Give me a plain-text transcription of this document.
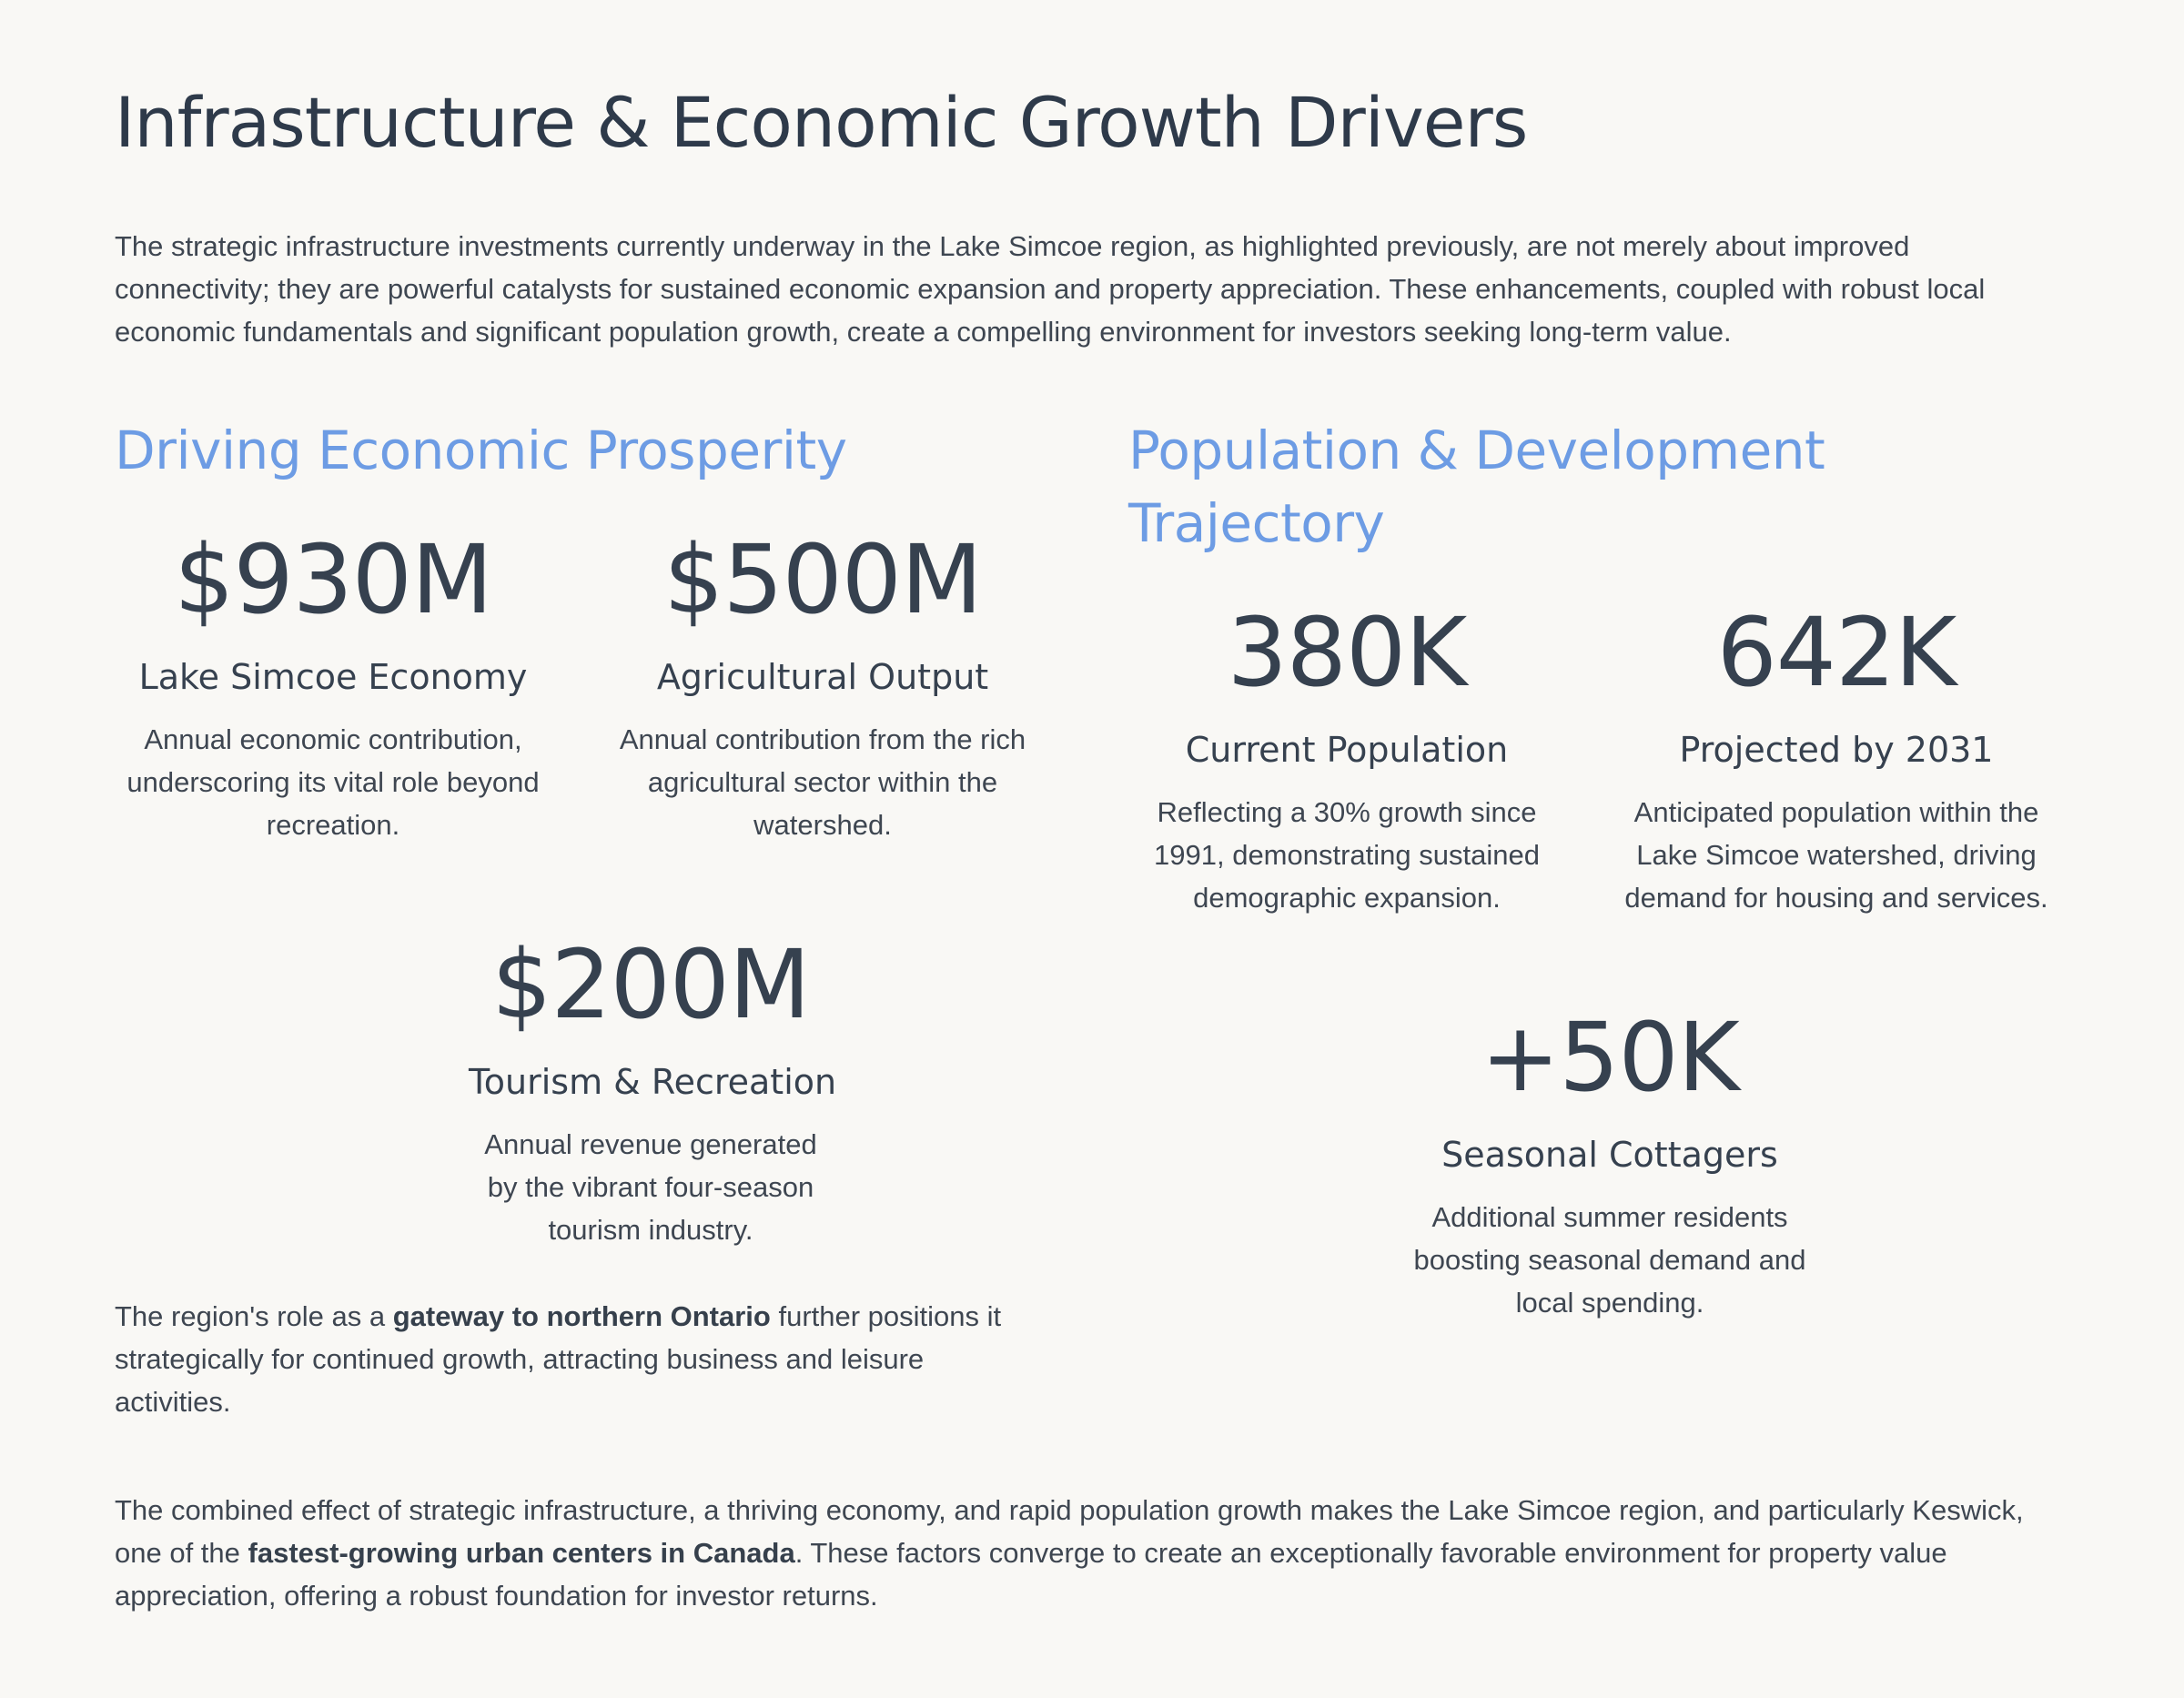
Infrastructure & Economic Growth Drivers

The strategic infrastructure investments currently underway in the Lake Simcoe region, as highlighted previously, are not merely about improved connectivity; they are powerful catalysts for sustained economic expansion and property appreciation. These enhancements, coupled with robust local economic fundamentals and significant population growth, create a compelling environment for investors seeking long-term value.

Driving Economic Prosperity
$930M
Lake Simcoe Economy
Annual economic contribution, underscoring its vital role beyond recreation.
$500M
Agricultural Output
Annual contribution from the rich agricultural sector within the watershed.
$200M
Tourism & Recreation
Annual revenue generated by the vibrant four-season tourism industry.

The region's role as a gateway to northern Ontario further positions it strategically for continued growth, attracting business and leisure activities.

Population & Development Trajectory
380K
Current Population
Reflecting a 30% growth since 1991, demonstrating sustained demographic expansion.
642K
Projected by 2031
Anticipated population within the Lake Simcoe watershed, driving demand for housing and services.
+50K
Seasonal Cottagers
Additional summer residents boosting seasonal demand and local spending.

The combined effect of strategic infrastructure, a thriving economy, and rapid population growth makes the Lake Simcoe region, and particularly Keswick, one of the fastest-growing urban centers in Canada. These factors converge to create an exceptionally favorable environment for property value appreciation, offering a robust foundation for investor returns.
